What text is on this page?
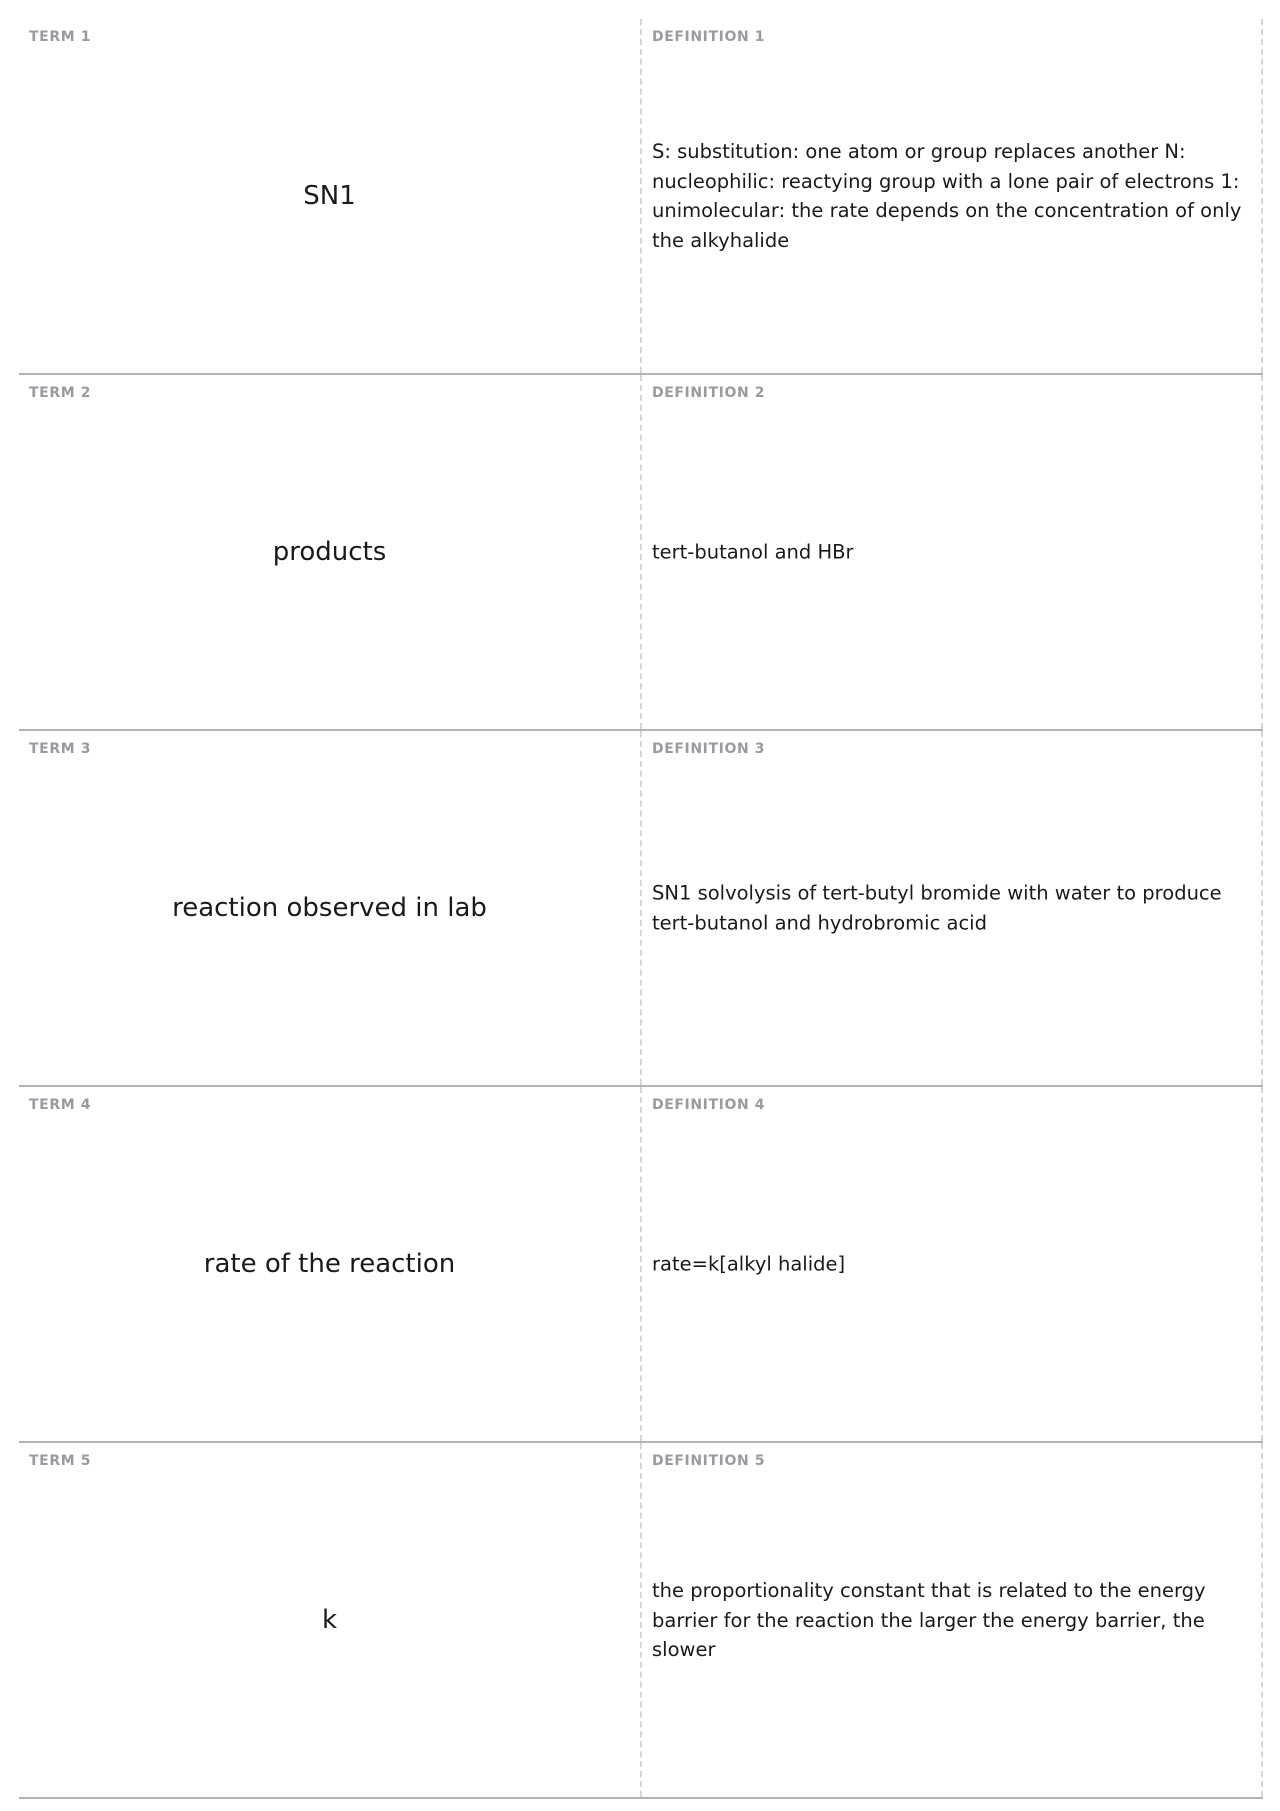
TERM 1
SN1
DEFINITION 1
S: substitution: one atom or group replaces another N: nucleophilic: reactying group with a lone pair of electrons 1: unimolecular: the rate depends on the concentration of only the alkyhalide
TERM 2
products
DEFINITION 2
tert-butanol and HBr
TERM 3
reaction observed in lab
DEFINITION 3
SN1 solvolysis of tert-butyl bromide with water to produce tert-butanol and hydrobromic acid
TERM 4
rate of the reaction
DEFINITION 4
rate=k[alkyl halide]
TERM 5
k
DEFINITION 5
the proportionality constant that is related to the energy barrier for the reaction the larger the energy barrier, the slower
